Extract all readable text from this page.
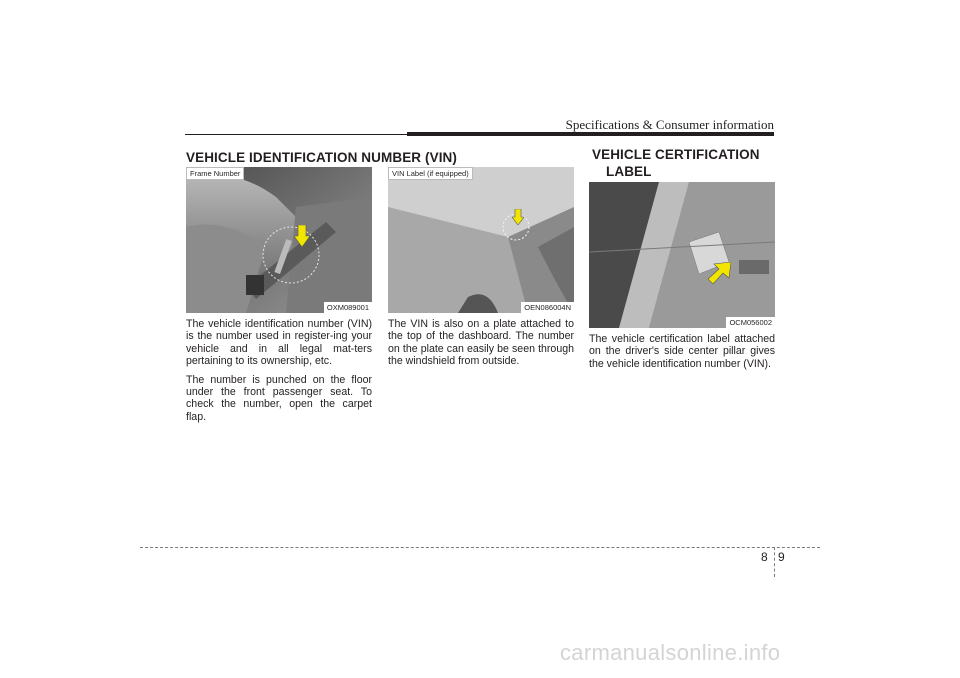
Specifications & Consumer information
VEHICLE IDENTIFICATION NUMBER (VIN)	VEHICLE CERTIFICATION
LABEL
Frame Number
OXM089001
VIN Label (if equipped)
OEN086004N
OCM056002

The vehicle identification number (VIN) is the number used in register-ing your vehicle and in all legal mat-ters pertaining to its ownership, etc.

The number is punched on the floor under the front passenger seat. To check the number, open the carpet flap.

The VIN is also on a plate attached to the top of the dashboard. The number on the plate can easily be seen through the windshield from outside.

The vehicle certification label attached on the driver's side center pillar gives the vehicle identification number (VIN).

8 9
carmanualsonline.info
